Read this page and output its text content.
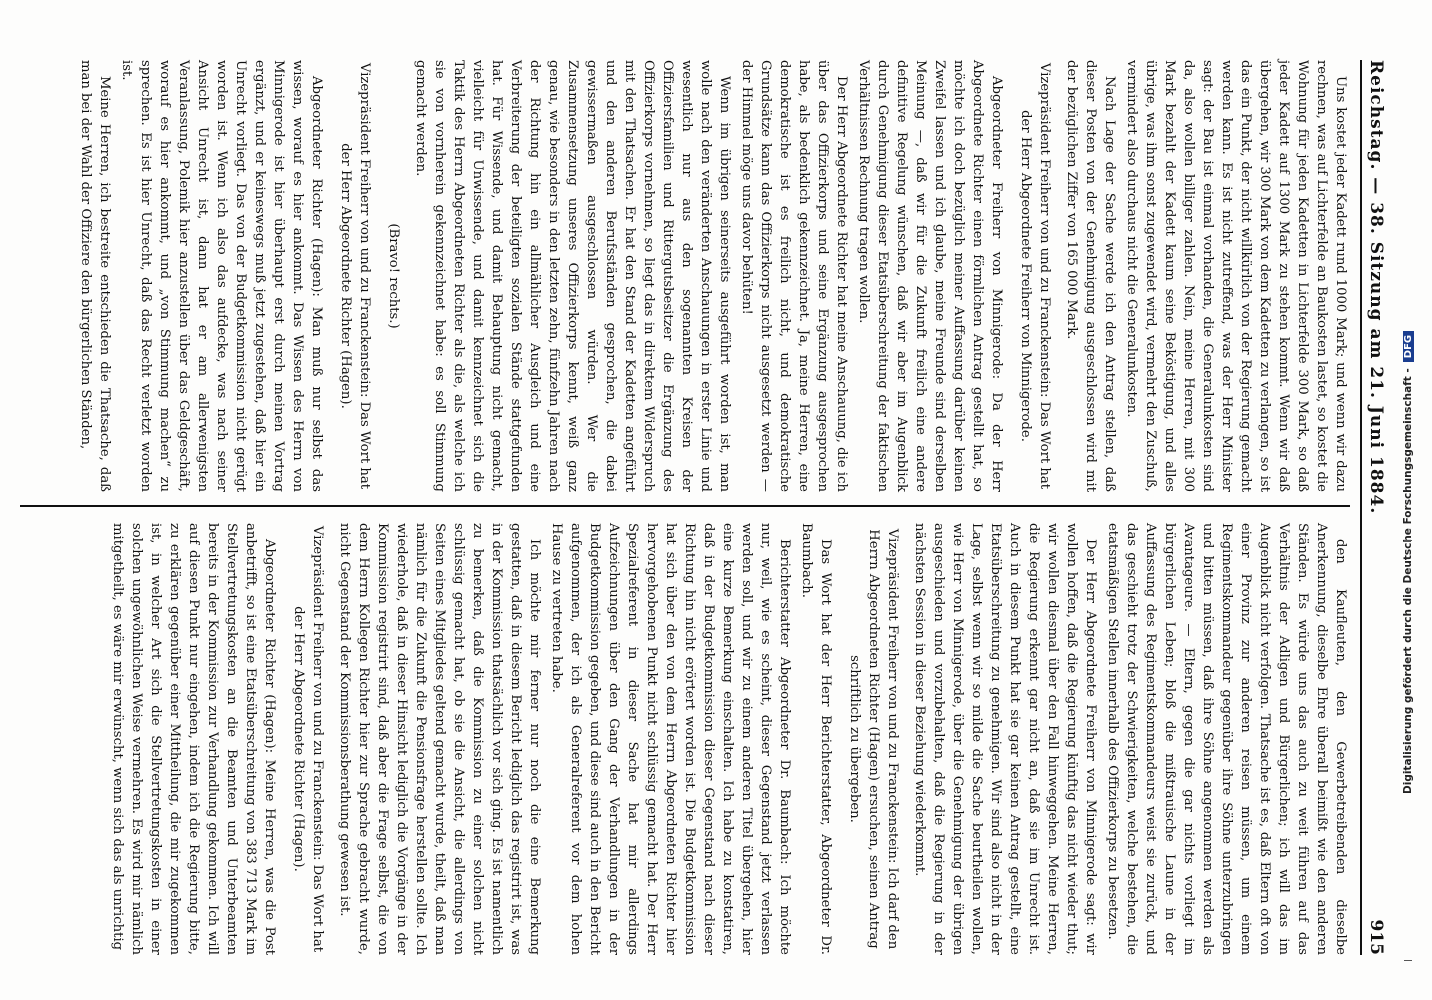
Reichstag. — 38. Sitzung am 21. Juni 1884.
915

Uns kostet jeder Kadett rund 1000 Mark; und wenn wir dazu rechnen, was auf Lichterfelde an Baukosten lastet, so kostet die Wohnung für jeden Kadetten in Lichterfelde 300 Mark, so daß jeder Kadett auf 1300 Mark zu stehen kommt. Wenn wir daß übergehen, wir 300 Mark von dem Kadetten zu verlangen, so ist das ein Punkt, der nicht willkürlich von der Regierung gemacht werden kann. Es ist nicht zutreffend, was der Herr Minister sagt: der Bau ist einmal vorhanden, die Generalunkosten sind da, also wollen billiger zahlen. Nein, meine Herren, mit 300 Mark bezahlt der Kadett kaum seine Beköstigung, und alles übrige, was ihm sonst zugewendet wird, vermehrt den Zuschuß, vermindert also durchaus nicht die Generalunkosten.

Nach Lage der Sache werde ich den Antrag stellen, daß dieser Posten von der Genehmigung ausgeschlossen wird mit der bezüglichen Ziffer von 165 000 Mark.

Vizepräsident Freiherr von und zu Franckenstein: Das Wort hat der Herr Abgeordnete Freiherr von Minnigerode.

Abgeordneter Freiherr von Minnigerode: Da der Herr Abgeordnete Richter einen förmlichen Antrag gestellt hat, so möchte ich doch bezüglich meiner Auffassung darüber keinen Zweifel lassen und ich glaube, meine Freunde sind derselben Meinung —, daß wir für die Zukunft freilich eine andere definitive Regelung wünschen, daß wir aber im Augenblick durch Genehmigung dieser Etatsüberschreitung der faktischen Verhältnissen Rechnung tragen wollen.

Der Herr Abgeordnete Richter hat meine Anschauung, die ich über das Offizierkorps und seine Ergänzung ausgesprochen habe, als bedenklich gekennzeichnet. Ja, meine Herren, eine demokratische ist es freilich nicht, und demokratische Grundsätze kann das Offizierkorps nicht ausgesetzt werden — der Himmel möge uns davor behüten!

Wenn im übrigen seinerseits ausgeführt worden ist, man wolle nach den veränderten Anschauungen in erster Linie und wesentlich nur aus den sogenannten Kreisen der Offiziersfamilien und Rittergutsbesitzer die Ergänzung des Offizierkorps vornehmen, so liegt das in direktem Widerspruch mit den Thatsachen. Er hat den Stand der Kadetten angeführt und den anderen Berufsständen gesprochen, die dabei gewissermaßen ausgeschlossen würden. Wer die Zusammensetzung unseres Offizierkorps kennt, weiß ganz genau, wie besonders in den letzten zehn, fünfzehn Jahren nach der Richtung hin ein allmählicher Ausgleich und eine Verbreiterung der beteiligten sozialen Stände stattgefunden hat. Für Wissende, und damit Behauptung nicht gemacht, vielleicht für Unwissende, und damit kennzeichnet sich die Taktik des Herrn Abgeordneten Richter als die, als welche ich sie von vornherein gekennzeichnet habe: es soll Stimmung gemacht werden.

(Bravo! rechts.)

Vizepräsident Freiherr von und zu Franckenstein: Das Wort hat der Herr Abgeordnete Richter (Hagen).

Abgeordneter Richter (Hagen): Man muß nur selbst das wissen, worauf es hier ankommt. Das Wissen des Herrn von Minnigerode ist hier überhaupt erst durch meinen Vortrag ergänzt, und er keineswegs muß jetzt zugestehen, daß hier ein Unrecht vorliegt. Das von der Budgetkommission nicht gerügt worden ist. Wenn ich also das aufdecke, was nach seiner Ansicht Unrecht ist, dann hat er am allerwenigsten Veranlassung, Polemik hier anzustellen über das Geldgeschäft, worauf es hier ankommt, und „von Stimmung machen“ zu sprechen. Es ist hier Unrecht, daß das Recht verletzt worden ist.

Meine Herren, ich bestreite entschieden die Thatsache, daß man bei der Wahl der Offiziere den bürgerlichen Ständen,

den Kaufleuten, den Gewerbetreibenden dieselbe Anerkennung, dieselbe Ehre überall beimißt wie den anderen Ständen. Es würde uns das auch zu weit führen auf das Verhältnis der Adligen und Bürgerlichen; ich will das im Augenblick nicht verfolgen. Thatsache ist es, daß Eltern oft von einer Provinz zur anderen reisen müssen, um einem Regimentskommandeur gegenüber ihre Söhne unterzubringen und bitten müssen, daß ihre Söhne angenommen werden als Avantageure. — Eltern, gegen die gar nichts vorliegt im bürgerlichen Leben; bloß die mißtrauische Laune in der Auffassung des Regimentskommandeurs weist sie zurück, und das geschieht trotz der Schwierigkeiten, welche bestehen, die etatsmäßigen Stellen innerhalb des Offizierkorps zu besetzen.

Der Herr Abgeordnete Freiherr von Minnigerode sagt: wir wollen hoffen, daß die Regierung künftig das nicht wieder thut; wir wollen diesmal über den Fall hinweggehen. Meine Herren, die Regierung erkennt gar nicht an, daß sie im Unrecht ist. Auch in diesem Punkt hat sie gar keinen Antrag gestellt, eine Etatsüberschreitung zu genehmigen. Wir sind also nicht in der Lage, selbst wenn wir so milde die Sache beurtheilen wollen, wie Herr von Minnigerode, über die Genehmigung der übrigen ausgeschieden und vorzubehalten, daß die Regierung in der nächsten Session in dieser Beziehung wiederkommt.

Vizepräsident Freiherr von und zu Franckenstein: Ich darf den Herrn Abgeordneten Richter (Hagen) ersuchen, seinen Antrag schriftlich zu übergeben.

Das Wort hat der Herr Berichterstatter, Abgeordneter Dr. Baumbach.

Berichterstatter Abgeordneter Dr. Baumbach: Ich möchte nur, weil, wie es scheint, dieser Gegenstand jetzt verlassen werden soll, und wir zu einem anderen Titel übergehen, hier eine kurze Bemerkung einschalten. Ich habe zu konstatiren, daß in der Budgetkommission dieser Gegenstand nach dieser Richtung hin nicht erörtert worden ist. Die Budgetkommission hat sich über den von dem Herrn Abgeordneten Richter hier hervorgehobenen Punkt nicht schlüssig gemacht hat. Der Herr Spezialreferent in dieser Sache hat mir allerdings Aufzeichnungen über den Gang der Verhandlungen in der Budgetkommission gegeben, und diese sind auch in den Bericht aufgenommen, der ich als Generalreferent vor dem hohen Hause zu vertreten habe.

Ich möchte mir ferner nur noch die eine Bemerkung gestatten, daß in diesem Bericht lediglich das registrirt ist, was in der Kommission thatsächlich vor sich ging. Es ist namentlich zu bemerken, daß die Kommission zu einer solchen nicht schlüssig gemacht hat, ob sie die Ansicht, die allerdings von Seiten eines Mitgliedes geltend gemacht wurde, theilt, daß man nämlich für die Zukunft die Pensionsfrage herstellen sollte. Ich wiederhole, daß in dieser Hinsicht lediglich die Vorgänge in der Kommission registrirt sind, daß aber die Frage selbst, die von dem Herrn Kollegen Richter hier zur Sprache gebracht wurde, nicht Gegenstand der Kommissionsberathung gewesen ist.

Vizepräsident Freiherr von und zu Franckenstein: Das Wort hat der Herr Abgeordnete Richter (Hagen).

Abgeordneter Richter (Hagen): Meine Herren, was die Post anbetrifft, so ist eine Etatsüberschreitung von 383 713 Mark im Stellvertretungskosten an die Beamten und Unterbeamten bereits in der Kommission zur Verhandlung gekommen. Ich will auf diesen Punkt nur eingehen, indem ich die Regierung bitte, zu erklären gegenüber einer Mittheilung, die mir zugekommen ist, in welcher Art sich die Stellvertretungskosten in einer solchen ungewöhnlichen Weise vermehren. Es wird mir nämlich mitgetheilt, es wäre mir erwünscht, wenn sich das als unrichtig	Digitalisierung gefördert durch die Deutsche Forschungsgemeinschaft -DFG
